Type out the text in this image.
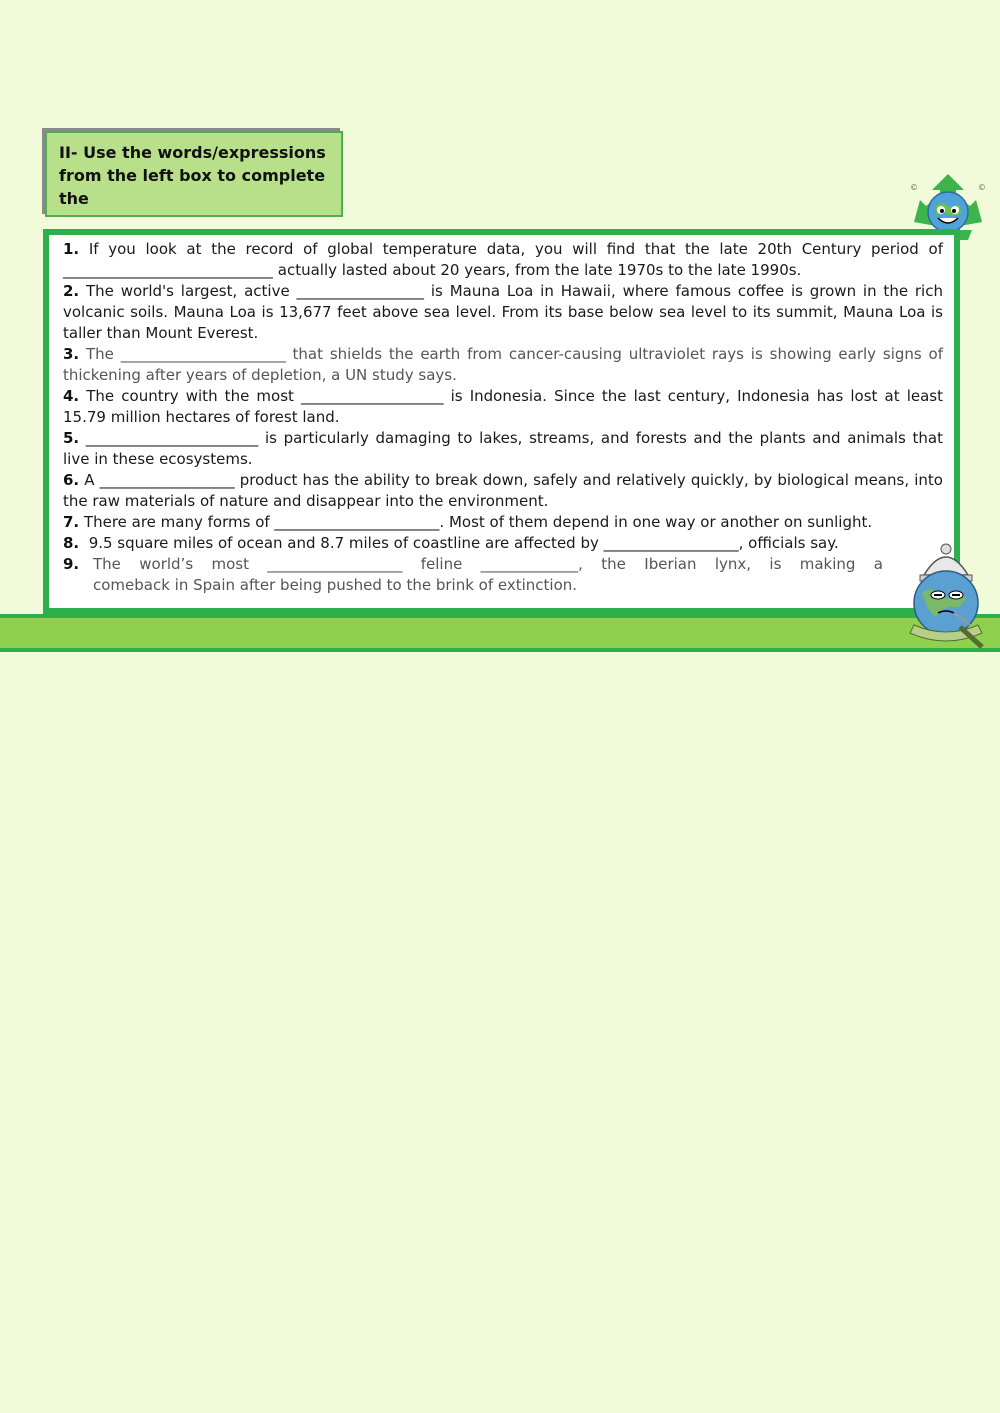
II- Use the words/expressions from the left box to complete the
©	©

1. If you look at the record of global temperature data, you will find that the late 20th Century period of ____________________________ actually lasted about 20 years, from the late 1970s to the late 1990s.

2. The world's largest, active _________________ is Mauna Loa in Hawaii, where famous coffee is grown in the rich volcanic soils. Mauna Loa is 13,677 feet above sea level. From its base below sea level to its summit, Mauna Loa is taller than Mount Everest.

3. The ______________________ that shields the earth from cancer-causing ultraviolet rays is showing early signs of thickening after years of depletion, a UN study says.

4. The country with the most ___________________ is Indonesia. Since the last century, Indonesia has lost at least 15.79 million hectares of forest land.

5. _______________________ is particularly damaging to lakes, streams, and forests and the plants and animals that live in these ecosystems.

6. A __________________ product has the ability to break down, safely and relatively quickly, by biological means, into the raw materials of nature and disappear into the environment.

7. There are many forms of ______________________. Most of them depend in one way or another on sunlight.

8. 9.5 square miles of ocean and 8.7 miles of coastline are affected by __________________, officials say.

9. The world’s most __________________ feline _____________, the Iberian lynx, is making a
comeback in Spain after being pushed to the brink of extinction.
